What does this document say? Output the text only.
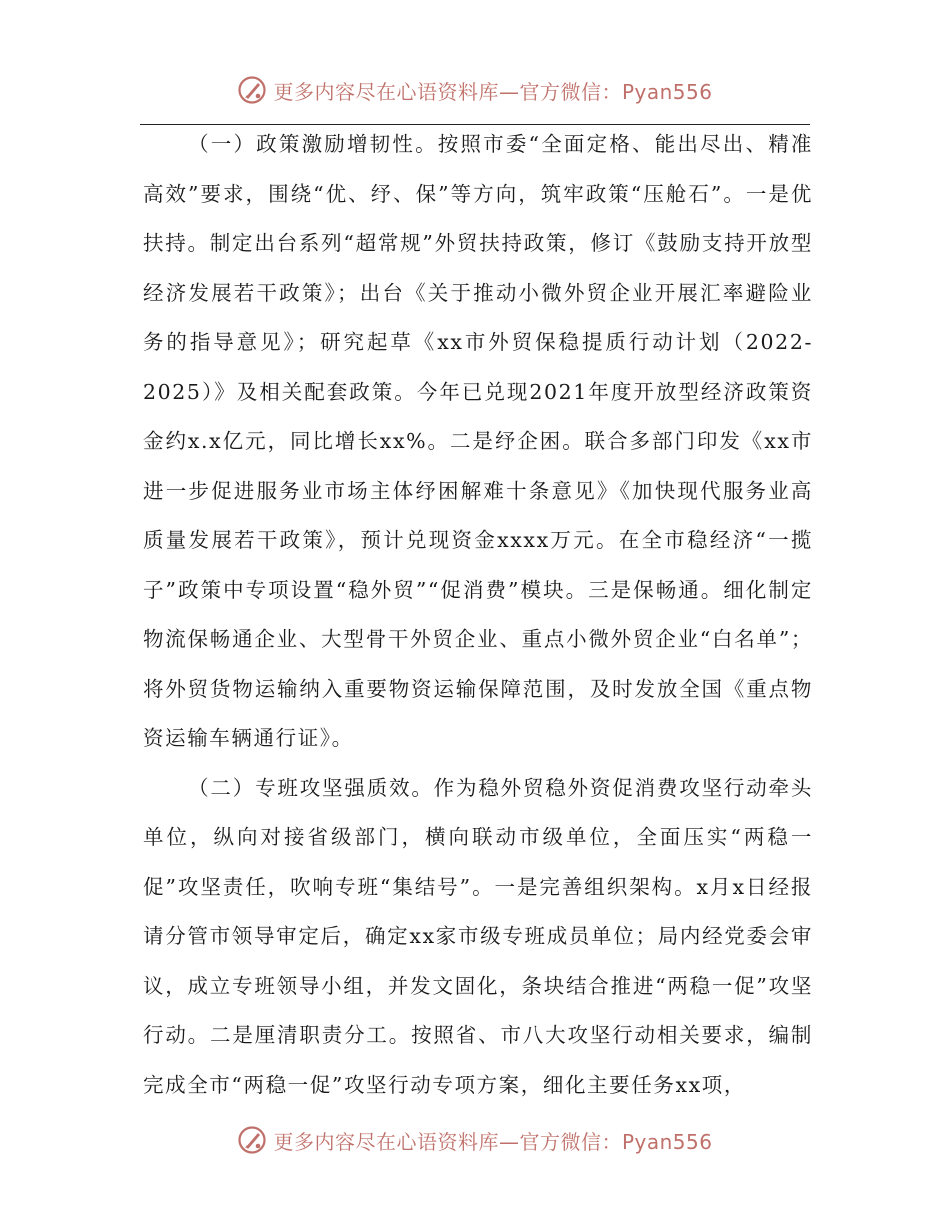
更多内容尽在心语资料库—官方微信：Pyan556

（一）政策激励增韧性。按照市委“全面定格、能出尽出、精准高效”要求，围绕“优、纾、保”等方向，筑牢政策“压舱石”。一是优扶持。制定出台系列“超常规”外贸扶持政策，修订《鼓励支持开放型经济发展若干政策》；出台《关于推动小微外贸企业开展汇率避险业务的指导意见》；研究起草《xx市外贸保稳提质行动计划（2022-2025）》及相关配套政策。今年已兑现2021年度开放型经济政策资金约x.x亿元，同比增长xx%。二是纾企困。联合多部门印发《xx市进一步促进服务业市场主体纾困解难十条意见》《加快现代服务业高质量发展若干政策》，预计兑现资金xxxx万元。在全市稳经济“一揽子”政策中专项设置“稳外贸”“促消费”模块。三是保畅通。细化制定物流保畅通企业、大型骨干外贸企业、重点小微外贸企业“白名单”；将外贸货物运输纳入重要物资运输保障范围，及时发放全国《重点物资运输车辆通行证》。

（二）专班攻坚强质效。作为稳外贸稳外资促消费攻坚行动牵头单位，纵向对接省级部门，横向联动市级单位，全面压实“两稳一促”攻坚责任，吹响专班“集结号”。一是完善组织架构。x月x日经报请分管市领导审定后，确定xx家市级专班成员单位；局内经党委会审议，成立专班领导小组，并发文固化，条块结合推进“两稳一促”攻坚行动。二是厘清职责分工。按照省、市八大攻坚行动相关要求，编制完成全市“两稳一促”攻坚行动专项方案，细化主要任务xx项，

更多内容尽在心语资料库—官方微信：Pyan556
